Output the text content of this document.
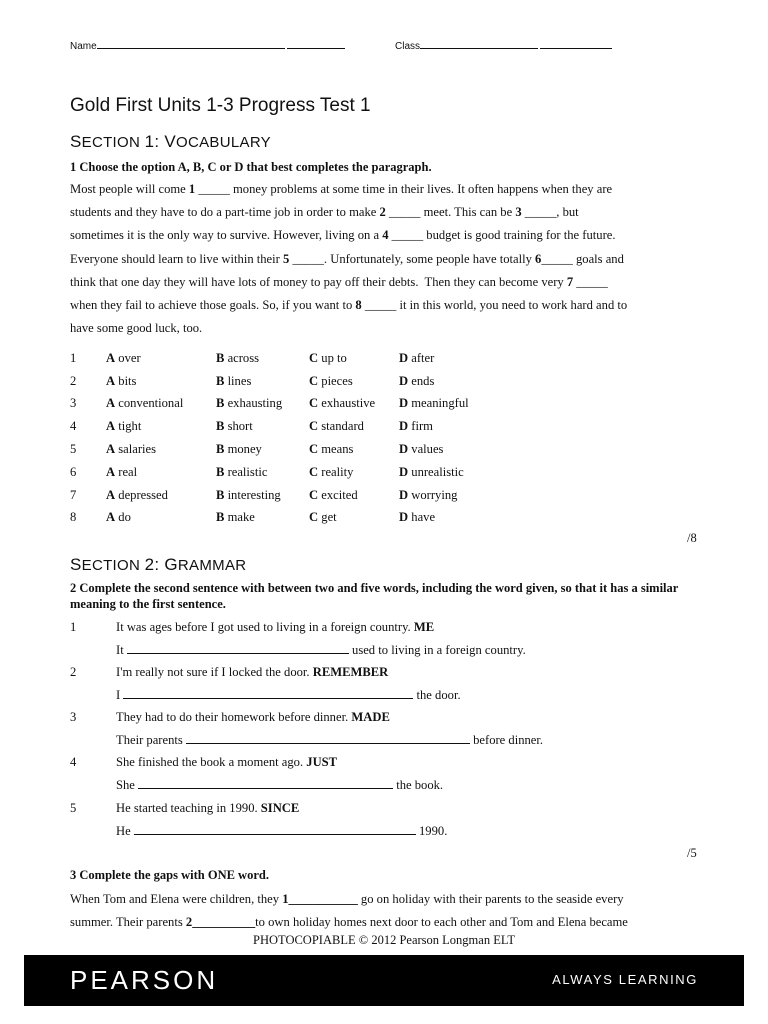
Name	Class
Gold First Units 1-3 Progress Test 1
SECTION 1: VOCABULARY
1 Choose the option A, B, C or D that best completes the paragraph.
Most people will come 1 _____ money problems at some time in their lives. It often happens when they are
students and they have to do a part-time job in order to make 2 _____ meet. This can be 3 _____, but
sometimes it is the only way to survive. However, living on a 4 _____ budget is good training for the future.
Everyone should learn to live within their 5 _____. Unfortunately, some people have totally 6_____ goals and
think that one day they will have lots of money to pay off their debts.  Then they can become very 7 _____
when they fail to achieve those goals. So, if you want to 8 _____ it in this world, you need to work hard and to
have some good luck, too.
1	A over	B across	C up to	D after
2	A bits	B lines	C pieces	D ends
3	A conventional	B exhausting	C exhaustive	D meaningful
4	A tight	B short	C standard	D firm
5	A salaries	B money	C means	D values
6	A real	B realistic	C reality	D unrealistic
7	A depressed	B interesting	C excited	D worrying
8	A do	B make	C get	D have
/8
SECTION 2: GRAMMAR
2 Complete the second sentence with between two and five words, including the word given, so that it has a similar meaning to the first sentence.
1	It was ages before I got used to living in a foreign country. ME
	It used to living in a foreign country.
2	I'm really not sure if I locked the door. REMEMBER
	I the door.
3	They had to do their homework before dinner. MADE
	Their parents before dinner.
4	She finished the book a moment ago. JUST
	She the book.
5	He started teaching in 1990. SINCE
	He 1990.
/5
3 Complete the gaps with ONE word.
When Tom and Elena were children, they 1___________ go on holiday with their parents to the seaside every
summer. Their parents 2__________to own holiday homes next door to each other and Tom and Elena became
PHOTOCOPIABLE © 2012 Pearson Longman ELT
PEARSON	ALWAYS LEARNING
